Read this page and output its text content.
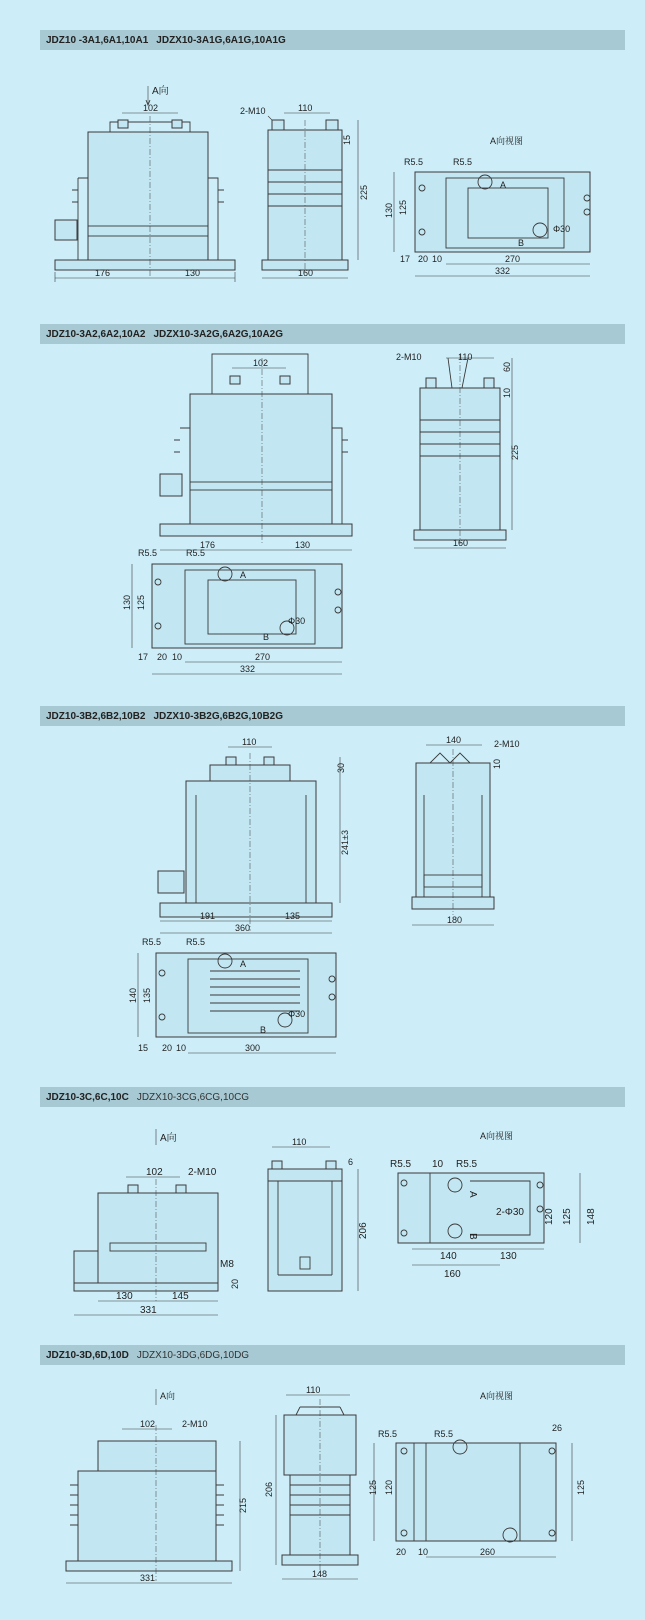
JDZ10 -3A1,6A1,10A1 JDZX10-3A1G,6A1G,10A1G
A向
102
176	130
2-M10	110
15
225
160
A向视图
R5.5	R5.5
A
B
Φ30
130 125
17 20 10	270
332
JDZ10-3A2,6A2,10A2 JDZX10-3A2G,6A2G,10A2G
102
176	130
2-M10	110
60
10
225
160
R5.5	R5.5
A
B
Φ30
130 125
17 20 10	270
332
JDZ10-3B2,6B2,10B2 JDZX10-3B2G,6B2G,10B2G
110
30
241±3
191	135
360
140	2-M10
10
180
R5.5	R5.5
A
B
Φ30
140 135
15 20 10	300
JDZ10-3C,6C,10C JDZX10-3CG,6CG,10CG
A向
102	2-M10
M8
20
130	145
331
110
6
206
A向视图
R5.5 10 R5.5
A
B
2-Φ30 120 125 148
140	130
160
JDZ10-3D,6D,10D JDZX10-3DG,6DG,10DG
A向
102	2-M10
215
331
110
206
148
A向视图
R5.5	R5.5
26
125 120	125
20 10	260
